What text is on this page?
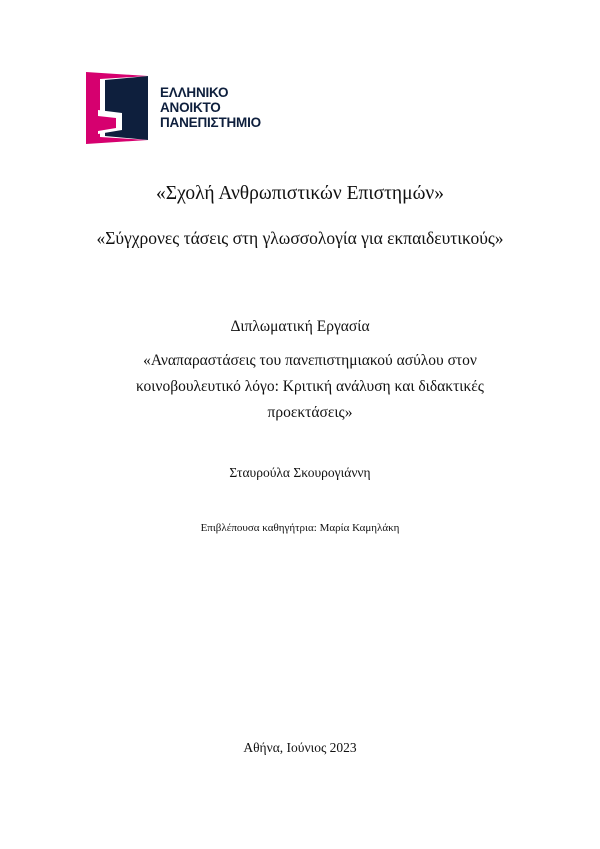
ΕΛΛΗΝΙΚΟ
ΑΝΟΙΚΤΟ
ΠΑΝΕΠΙΣΤΗΜΙΟ
«Σχολή Ανθρωπιστικών Επιστημών»
«Σύγχρονες τάσεις στη γλωσσολογία για εκπαιδευτικούς»
Διπλωματική Εργασία
«Αναπαραστάσεις του πανεπιστημιακού ασύλου στον κοινοβουλευτικό λόγο: Κριτική ανάλυση και διδακτικές προεκτάσεις»
Σταυρούλα Σκουρογιάννη
Επιβλέπουσα καθηγήτρια: Μαρία Καμηλάκη
Αθήνα, Ιούνιος 2023
